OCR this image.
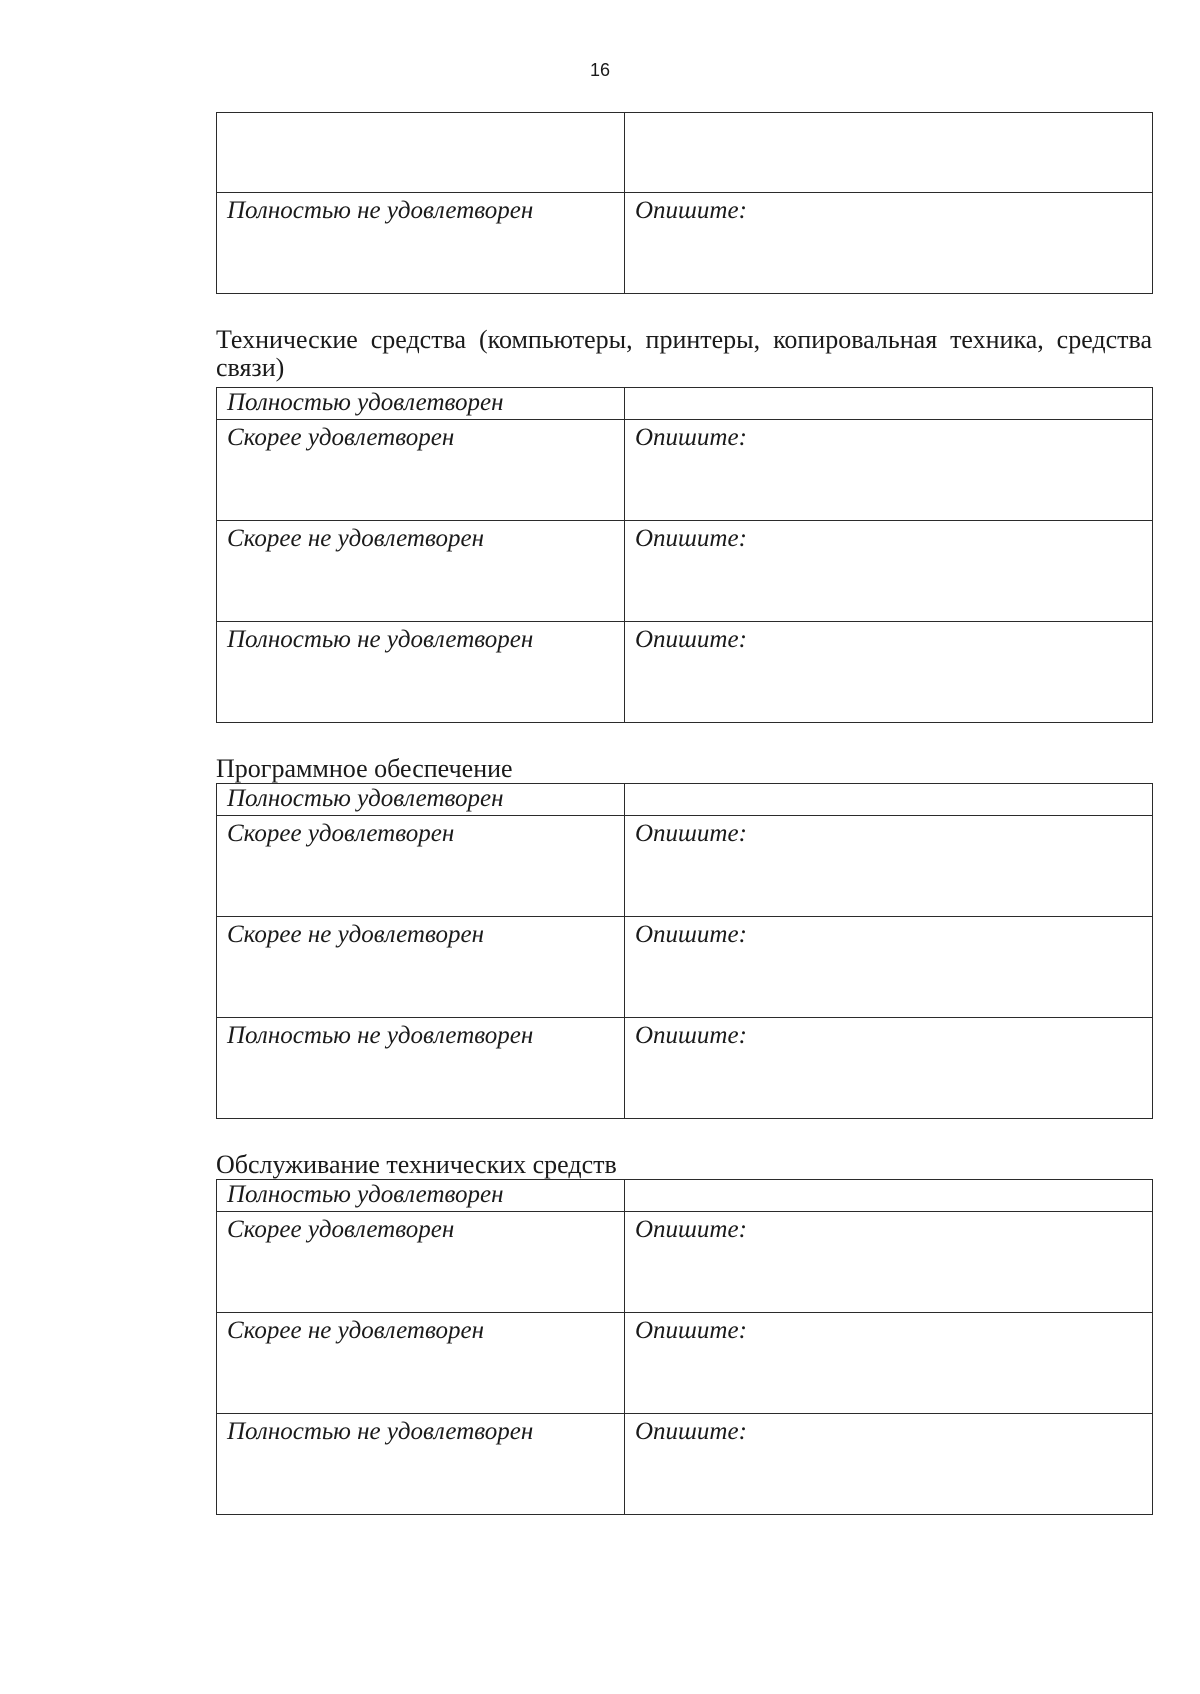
16

Полностью не удовлетворен	Опишите:
Технические средства (компьютеры, принтеры, копировальная техника, средства связи)
Полностью удовлетворен	
Скорее удовлетворен	Опишите:
Скорее не удовлетворен	Опишите:
Полностью не удовлетворен	Опишите:
Программное обеспечение
Полностью удовлетворен	
Скорее удовлетворен	Опишите:
Скорее не удовлетворен	Опишите:
Полностью не удовлетворен	Опишите:
Обслуживание технических средств
Полностью удовлетворен	
Скорее удовлетворен	Опишите:
Скорее не удовлетворен	Опишите:
Полностью не удовлетворен	Опишите:
